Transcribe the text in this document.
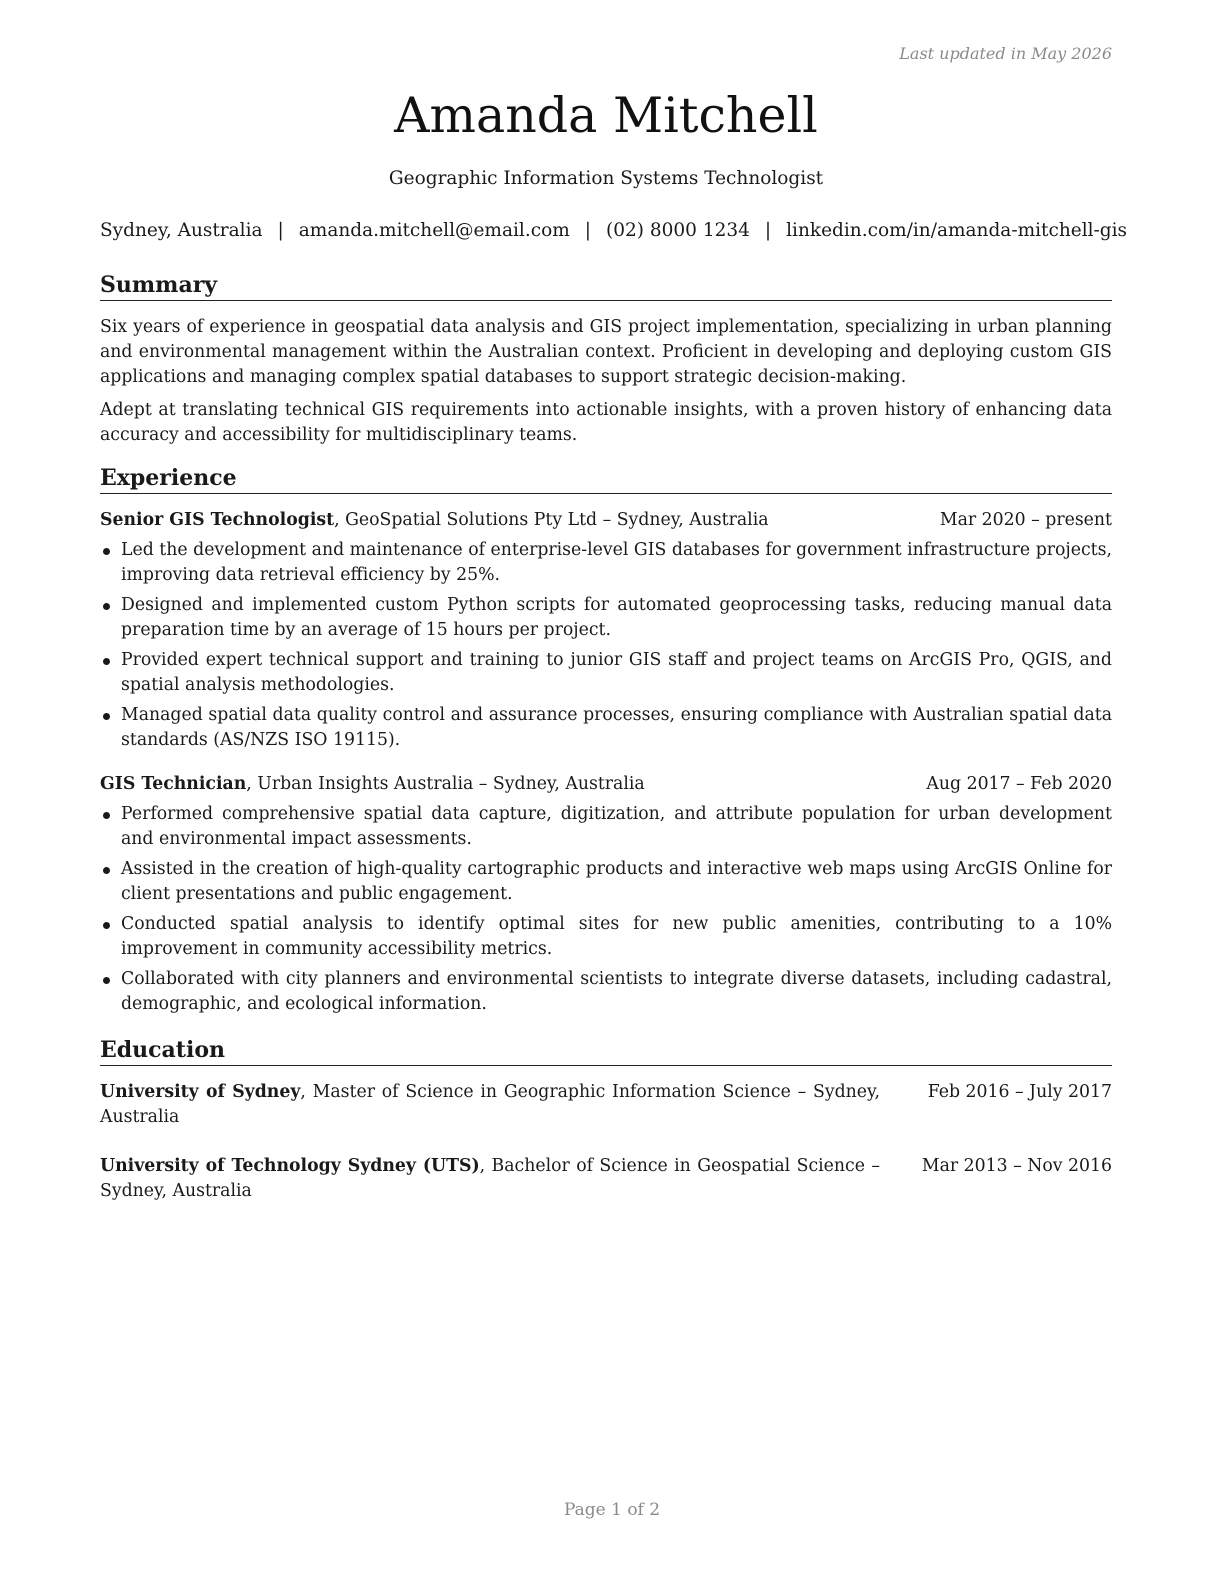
Last updated in May 2026
Amanda Mitchell
Geographic Information Systems Technologist
Sydney, Australia | amanda.mitchell@email.com | (02) 8000 1234 | linkedin.com/in/amanda-mitchell-gis
Summary

Six years of experience in geospatial data analysis and GIS project implementation, specializing in urban planning and environmental management within the Australian context. Proficient in developing and deploying custom GIS applications and managing complex spatial databases to support strategic decision-making.

Adept at translating technical GIS requirements into actionable insights, with a proven history of enhancing data accuracy and accessibility for multidisciplinary teams.

Experience
Senior GIS Technologist, GeoSpatial Solutions Pty Ltd – Sydney, Australia	Mar 2020 – present
Led the development and maintenance of enterprise-level GIS databases for government infrastructure projects, improving data retrieval efficiency by 25%.
Designed and implemented custom Python scripts for automated geoprocessing tasks, reducing manual data preparation time by an average of 15 hours per project.
Provided expert technical support and training to junior GIS staff and project teams on ArcGIS Pro, QGIS, and spatial analysis methodologies.
Managed spatial data quality control and assurance processes, ensuring compliance with Australian spatial data standards (AS/NZS ISO 19115).
GIS Technician, Urban Insights Australia – Sydney, Australia	Aug 2017 – Feb 2020
Performed comprehensive spatial data capture, digitization, and attribute population for urban development and environmental impact assessments.
Assisted in the creation of high-quality cartographic products and interactive web maps using ArcGIS Online for client presentations and public engagement.
Conducted spatial analysis to identify optimal sites for new public amenities, contributing to a 10% improvement in community accessibility metrics.
Collaborated with city planners and environmental scientists to integrate diverse datasets, including cadastral, demographic, and ecological information.
Education
University of Sydney, Master of Science in Geographic Information Science – Sydney, Australia
Feb 2016 – July 2017
University of Technology Sydney (UTS), Bachelor of Science in Geospatial Science – Sydney, Australia
Mar 2013 – Nov 2016
Page 1 of 2
